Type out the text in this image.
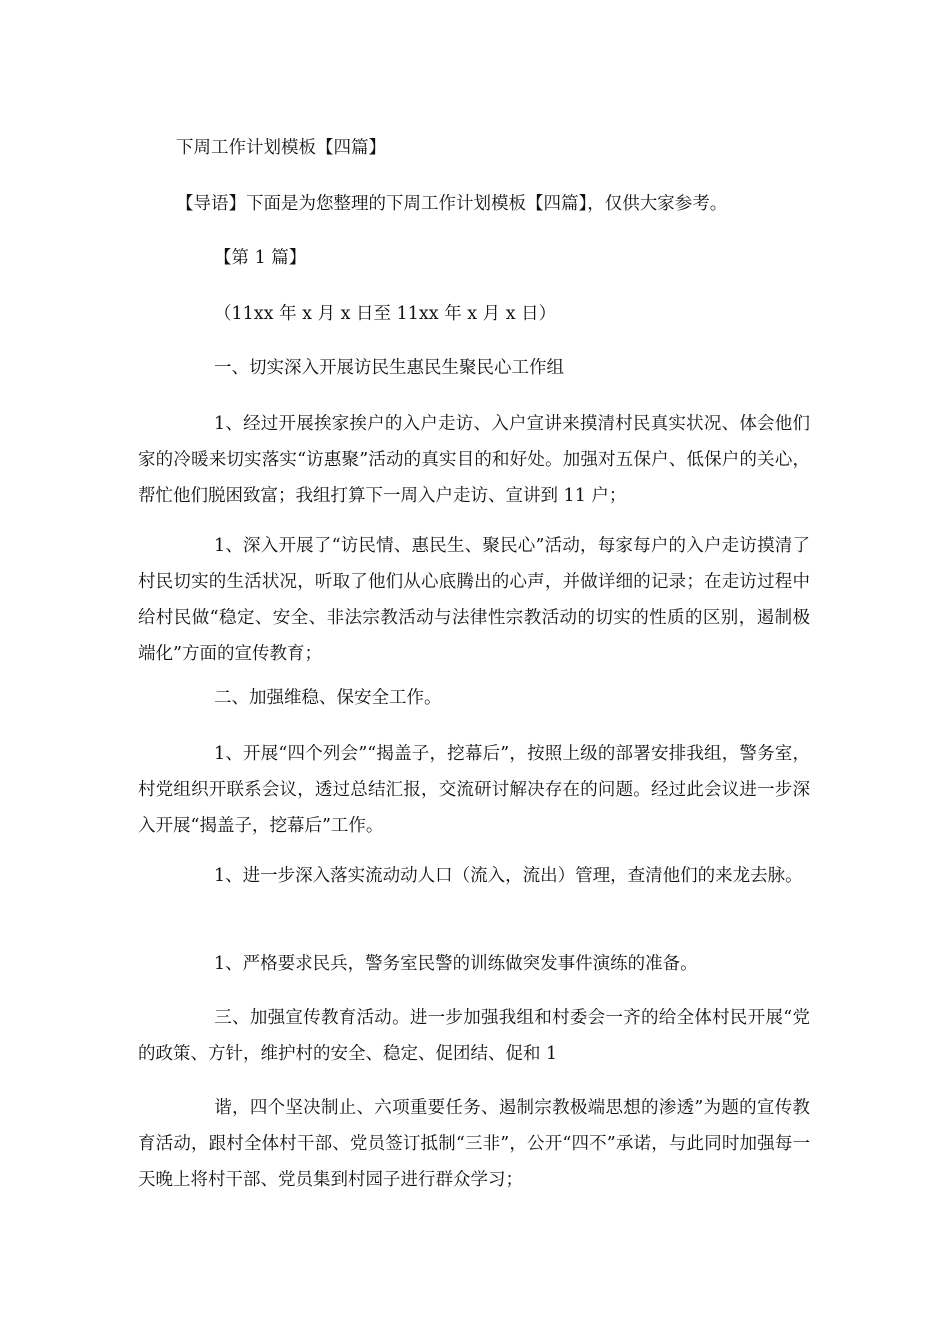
下周工作计划模板【四篇】
【导语】下面是为您整理的下周工作计划模板【四篇】，仅供大家参考。
【第 1 篇】
（11xx 年 x 月 x 日至 11xx 年 x 月 x 日）
一、切实深入开展访民生惠民生聚民心工作组
1、经过开展挨家挨户的入户走访、入户宣讲来摸清村民真实状况、体会他们家的冷暖来切实落实“访惠聚”活动的真实目的和好处。加强对五保户、低保户的关心，帮忙他们脱困致富；我组打算下一周入户走访、宣讲到 11 户；
1、深入开展了“访民情、惠民生、聚民心”活动，每家每户的入户走访摸清了村民切实的生活状况，听取了他们从心底腾出的心声，并做详细的记录；在走访过程中给村民做“稳定、安全、非法宗教活动与法律性宗教活动的切实的性质的区别，遏制极端化”方面的宣传教育；
二、加强维稳、保安全工作。
1、开展“四个列会”“揭盖子，挖幕后”，按照上级的部署安排我组，警务室，村党组织开联系会议，透过总结汇报，交流研讨解决存在的问题。经过此会议进一步深入开展“揭盖子，挖幕后”工作。
1、进一步深入落实流动动人口（流入，流出）管理，查清他们的来龙去脉。
1、严格要求民兵，警务室民警的训练做突发事件演练的准备。
三、加强宣传教育活动。进一步加强我组和村委会一齐的给全体村民开展“党的政策、方针，维护村的安全、稳定、促团结、促和 1
谐，四个坚决制止、六项重要任务、遏制宗教极端思想的渗透”为题的宣传教育活动，跟村全体村干部、党员签订抵制“三非”，公开“四不”承诺，与此同时加强每一天晚上将村干部、党员集到村园子进行群众学习；
